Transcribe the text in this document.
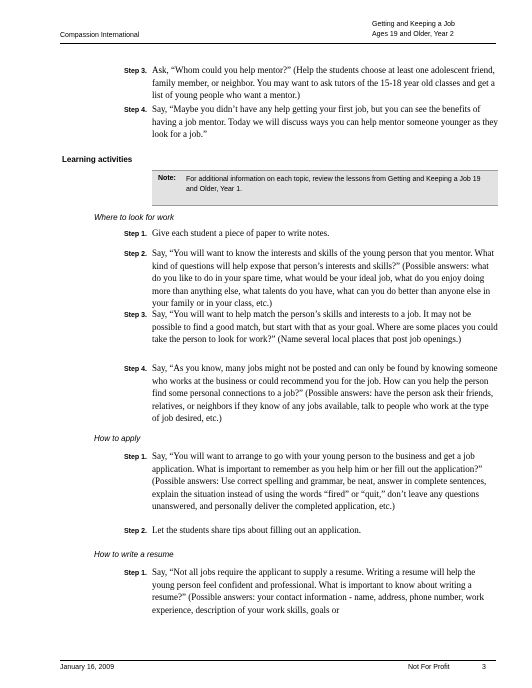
Compassion International
Getting and Keeping a Job
Ages 19 and Older, Year 2
Step 3. Ask, “Whom could you help mentor?” (Help the students choose at least one adolescent friend, family member, or neighbor. You may want to ask tutors of the 15-18 year old classes and get a list of young people who want a mentor.)

Step 4. Say, “Maybe you didn’t have any help getting your first job, but you can see the benefits of having a job mentor. Today we will discuss ways you can help mentor someone younger as they look for a job.”

Learning activities
Note: For additional information on each topic, review the lessons from Getting and Keeping a Job 19 and Older, Year 1.

Where to look for work
Step 1. Give each student a piece of paper to write notes.

Step 2. Say, “You will want to know the interests and skills of the young person that you mentor. What kind of questions will help expose that person’s interests and skills?” (Possible answers: what do you like to do in your spare time, what would be your ideal job, what do you enjoy doing more than anything else, what talents do you have, what can you do better than anyone else in your family or in your class, etc.)

Step 3. Say, “You will want to help match the person’s skills and interests to a job. It may not be possible to find a good match, but start with that as your goal. Where are some places you could take the person to look for work?” (Name several local places that post job openings.)

Step 4. Say, “As you know, many jobs might not be posted and can only be found by knowing someone who works at the business or could recommend you for the job. How can you help the person find some personal connections to a job?” (Possible answers: have the person ask their friends, relatives, or neighbors if they know of any jobs available, talk to people who work at the type of job desired, etc.)

How to apply
Step 1. Say, “You will want to arrange to go with your young person to the business and get a job application. What is important to remember as you help him or her fill out the application?” (Possible answers: Use correct spelling and grammar, be neat, answer in complete sentences, explain the situation instead of using the words “fired” or “quit,” don’t leave any questions unanswered, and personally deliver the completed application, etc.)

Step 2. Let the students share tips about filling out an application.

How to write a resume
Step 1. Say, “Not all jobs require the applicant to supply a resume. Writing a resume will help the young person feel confident and professional. What is important to know about writing a resume?” (Possible answers: your contact information - name, address, phone number, work experience, description of your work skills, goals or

January 16, 2009	Not For Profit	3
